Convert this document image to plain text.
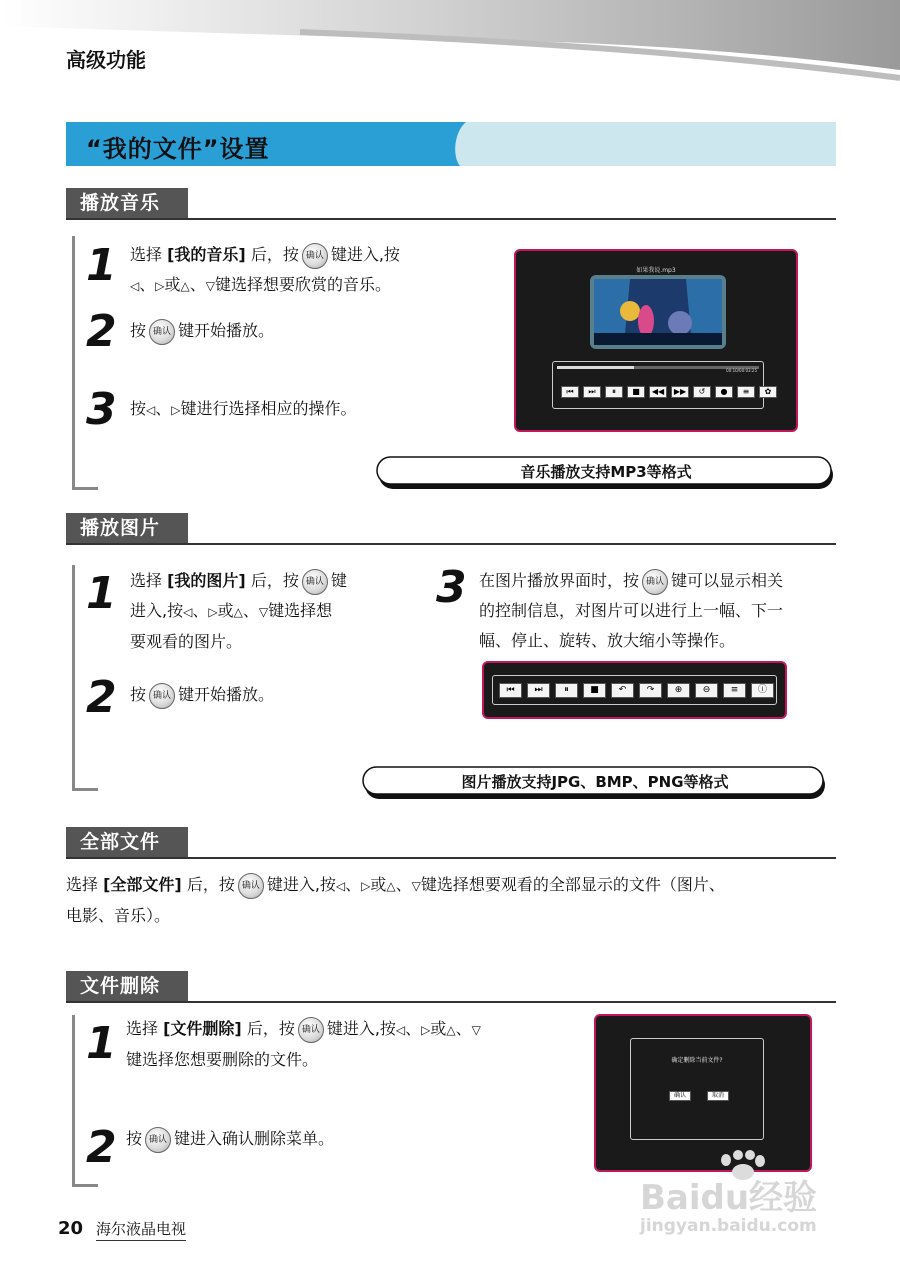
高级功能
“我的文件”设置
播放音乐
1 选择 [我的音乐] 后，按 确认 键进入,按
◁、▷或△、▽键选择想要欣赏的音乐。
2 按 确认 键开始播放。
3 按◁、▷键进行选择相应的操作。
如果我说.mp3
00:10/00:03:25
⏮	⏭	⏸	■	◀◀	▶▶	↺	●	≡	✿
音乐播放支持MP3等格式
播放图片
1 选择 [我的图片] 后，按 确认 键
进入,按◁、▷或△、▽键选择想
要观看的图片。
2 按 确认 键开始播放。
3 在图片播放界面时，按 确认 键可以显示相关
的控制信息，对图片可以进行上一幅、下一
幅、停止、旋转、放大缩小等操作。
⏮	⏭	⏸	■	↶	↷	⊕	⊖	≡	ⓘ
图片播放支持JPG、BMP、PNG等格式
全部文件
选择 [全部文件] 后，按 确认 键进入,按◁、▷或△、▽键选择想要观看的全部显示的文件（图片、
电影、音乐）。
文件删除
1 选择 [文件删除] 后，按 确认 键进入,按◁、▷或△、▽
键选择您想要删除的文件。
2 按 确认 键进入确认删除菜单。
确定删除当前文件?
确认	取消
20 海尔液晶电视
Baidu经验
jingyan.baidu.com
